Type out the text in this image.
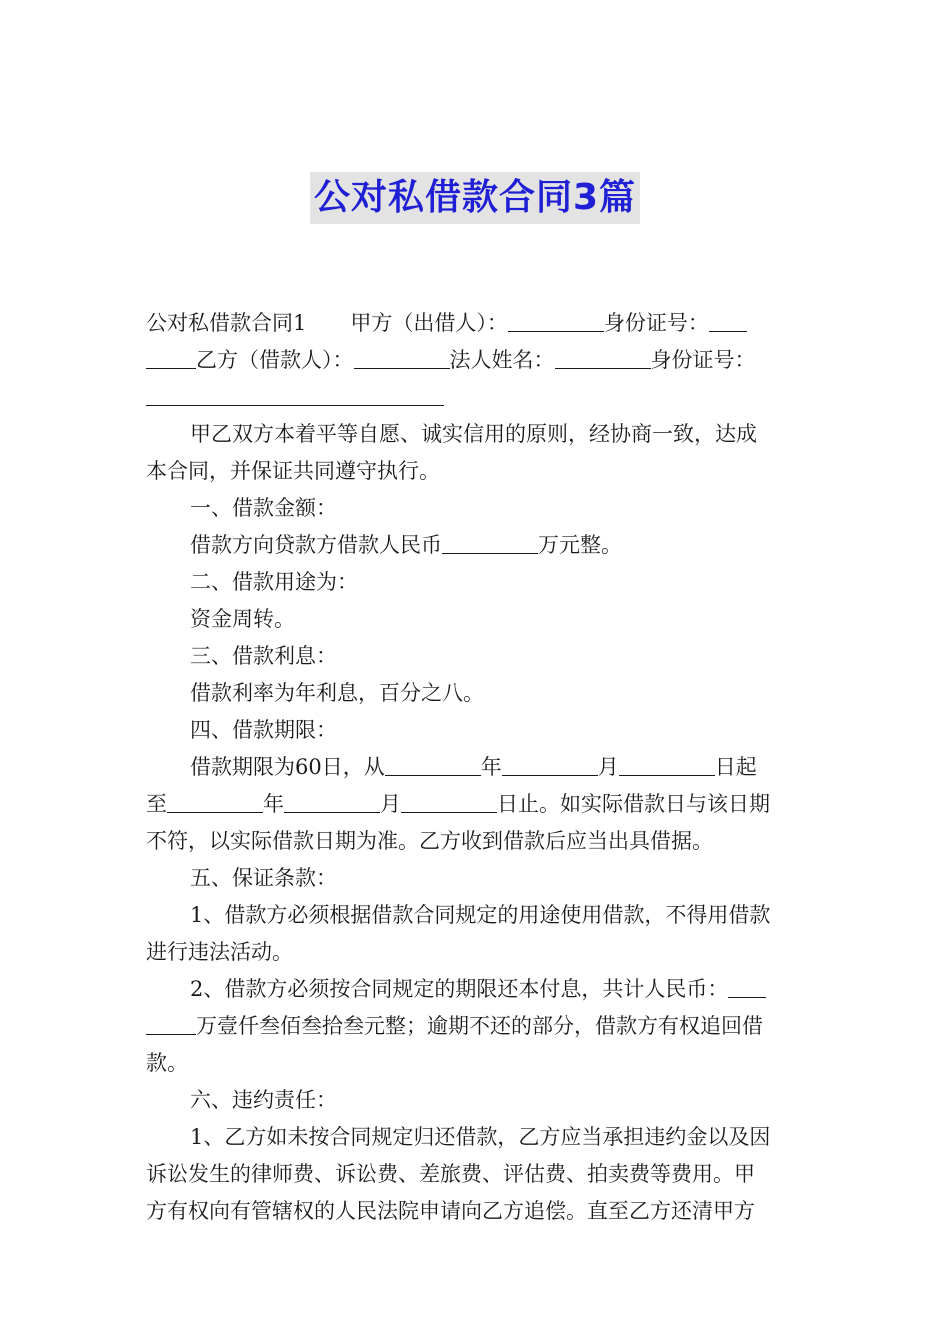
公对私借款合同3篇

公对私借款合同1 甲方（出借人）：	身份证号：

乙方（借款人）：	法人姓名：	身份证号：

甲乙双方本着平等自愿、诚实信用的原则，经协商一致，达成

本合同，并保证共同遵守执行。

一、借款金额：

借款方向贷款方借款人民币	万元整。

二、借款用途为：

资金周转。

三、借款利息：

借款利率为年利息，百分之八。

四、借款期限：

借款期限为60日，从	年	月	日起

至	年	月	日止。如实际借款日与该日期

不符，以实际借款日期为准。乙方收到借款后应当出具借据。

五、保证条款：

1、借款方必须根据借款合同规定的用途使用借款，不得用借款

进行违法活动。

2、借款方必须按合同规定的期限还本付息，共计人民币：

万壹仟叁佰叁拾叁元整；逾期不还的部分，借款方有权追回借

款。

六、违约责任：

1、乙方如未按合同规定归还借款，乙方应当承担违约金以及因

诉讼发生的律师费、诉讼费、差旅费、评估费、拍卖费等费用。甲

方有权向有管辖权的人民法院申请向乙方追偿。直至乙方还清甲方
